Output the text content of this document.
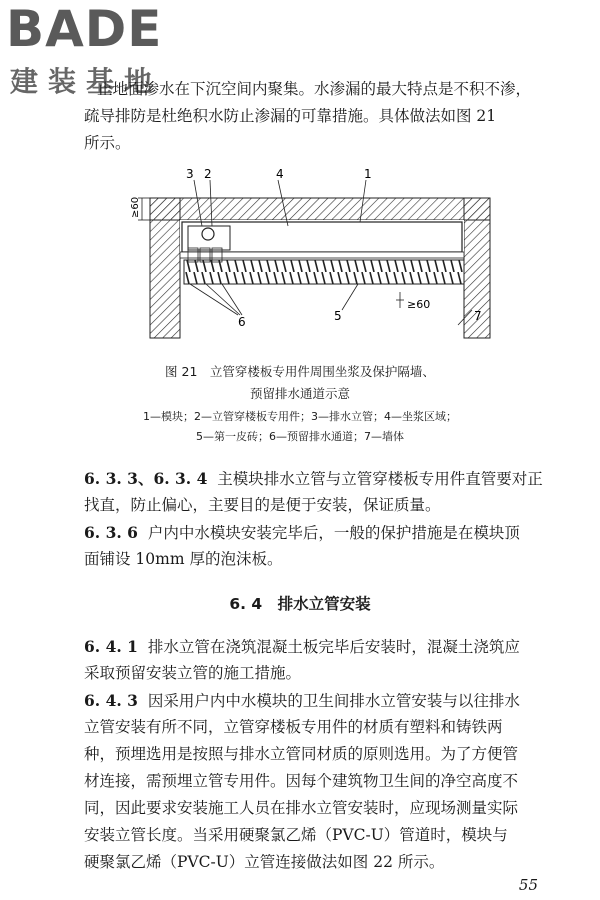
BADE
建装基地
止地面渗水在下沉空间内聚集。水渗漏的最大特点是不积不渗，
疏导排防是杜绝积水防止渗漏的可靠措施。具体做法如图 21
所示。
3 2	4	1
5
6	7
≥60
≥60
图 21　立管穿楼板专用件周围坐浆及保护隔墙、
预留排水通道示意
1—模块；2—立管穿楼板专用件；3—排水立管；4—坐浆区域；
5—第一皮砖；6—预留排水通道；7—墙体
6. 3. 3、6. 3. 4 主模块排水立管与立管穿楼板专用件直管要对正
找直，防止偏心，主要目的是便于安装，保证质量。
6. 3. 6 户内中水模块安装完毕后，一般的保护措施是在模块顶
面铺设 10mm 厚的泡沫板。
6. 4　排水立管安装
6. 4. 1 排水立管在浇筑混凝土板完毕后安装时，混凝土浇筑应
采取预留安装立管的施工措施。
6. 4. 3 因采用户内中水模块的卫生间排水立管安装与以往排水
立管安装有所不同，立管穿楼板专用件的材质有塑料和铸铁两
种，预埋选用是按照与排水立管同材质的原则选用。为了方便管
材连接，需预埋立管专用件。因每个建筑物卫生间的净空高度不
同，因此要求安装施工人员在排水立管安装时，应现场测量实际
安装立管长度。当采用硬聚氯乙烯（PVC-U）管道时，模块与
硬聚氯乙烯（PVC-U）立管连接做法如图 22 所示。
55
